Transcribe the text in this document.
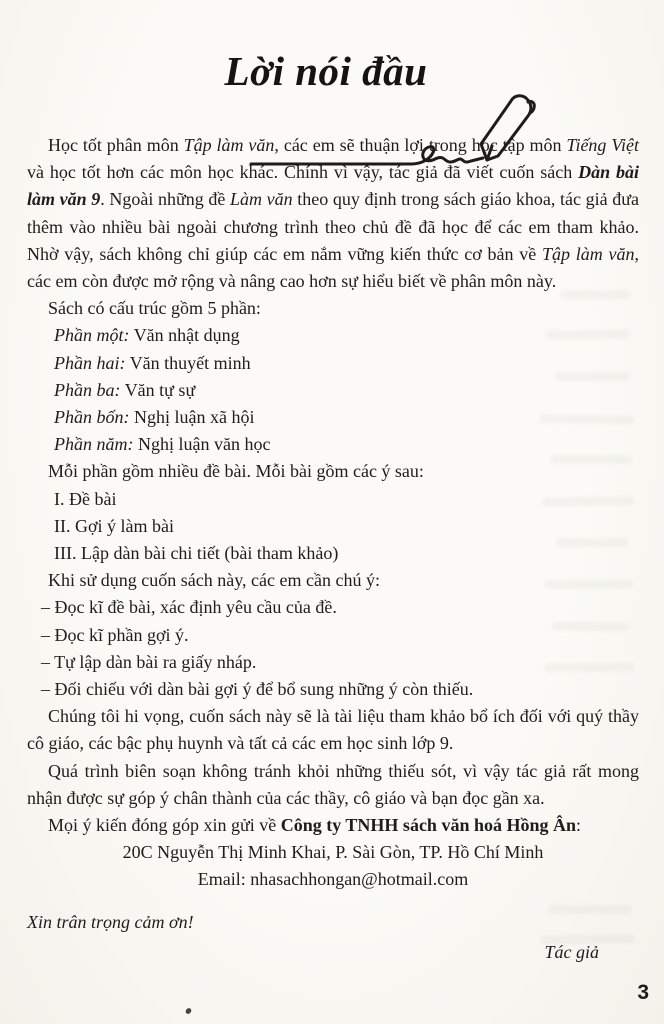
Lời nói đầu

Học tốt phân môn Tập làm văn, các em sẽ thuận lợi trong học tập môn Tiếng Việt và học tốt hơn các môn học khác. Chính vì vậy, tác giả đã viết cuốn sách Dàn bài làm văn 9. Ngoài những đề Làm văn theo quy định trong sách giáo khoa, tác giả đưa thêm vào nhiều bài ngoài chương trình theo chủ đề đã học để các em tham khảo. Nhờ vậy, sách không chỉ giúp các em nắm vững kiến thức cơ bản về Tập làm văn, các em còn được mở rộng và nâng cao hơn sự hiểu biết về phân môn này.

Sách có cấu trúc gồm 5 phần:

Phần một: Văn nhật dụng

Phần hai: Văn thuyết minh

Phần ba: Văn tự sự

Phần bốn: Nghị luận xã hội

Phần năm: Nghị luận văn học

Mỗi phần gồm nhiều đề bài. Mỗi bài gồm các ý sau:

I. Đề bài

II. Gợi ý làm bài

III. Lập dàn bài chi tiết (bài tham khảo)

Khi sử dụng cuốn sách này, các em cần chú ý:

– Đọc kĩ đề bài, xác định yêu cầu của đề.

– Đọc kĩ phần gợi ý.

– Tự lập dàn bài ra giấy nháp.

– Đối chiếu với dàn bài gợi ý để bổ sung những ý còn thiếu.

Chúng tôi hi vọng, cuốn sách này sẽ là tài liệu tham khảo bổ ích đối với quý thầy cô giáo, các bậc phụ huynh và tất cả các em học sinh lớp 9.

Quá trình biên soạn không tránh khỏi những thiếu sót, vì vậy tác giả rất mong nhận được sự góp ý chân thành của các thầy, cô giáo và bạn đọc gần xa.

Mọi ý kiến đóng góp xin gửi về Công ty TNHH sách văn hoá Hồng Ân:

20C Nguyễn Thị Minh Khai, P. Sài Gòn, TP. Hồ Chí Minh

Email: nhasachhongan@hotmail.com

Xin trân trọng cảm ơn!

Tác giả

3
